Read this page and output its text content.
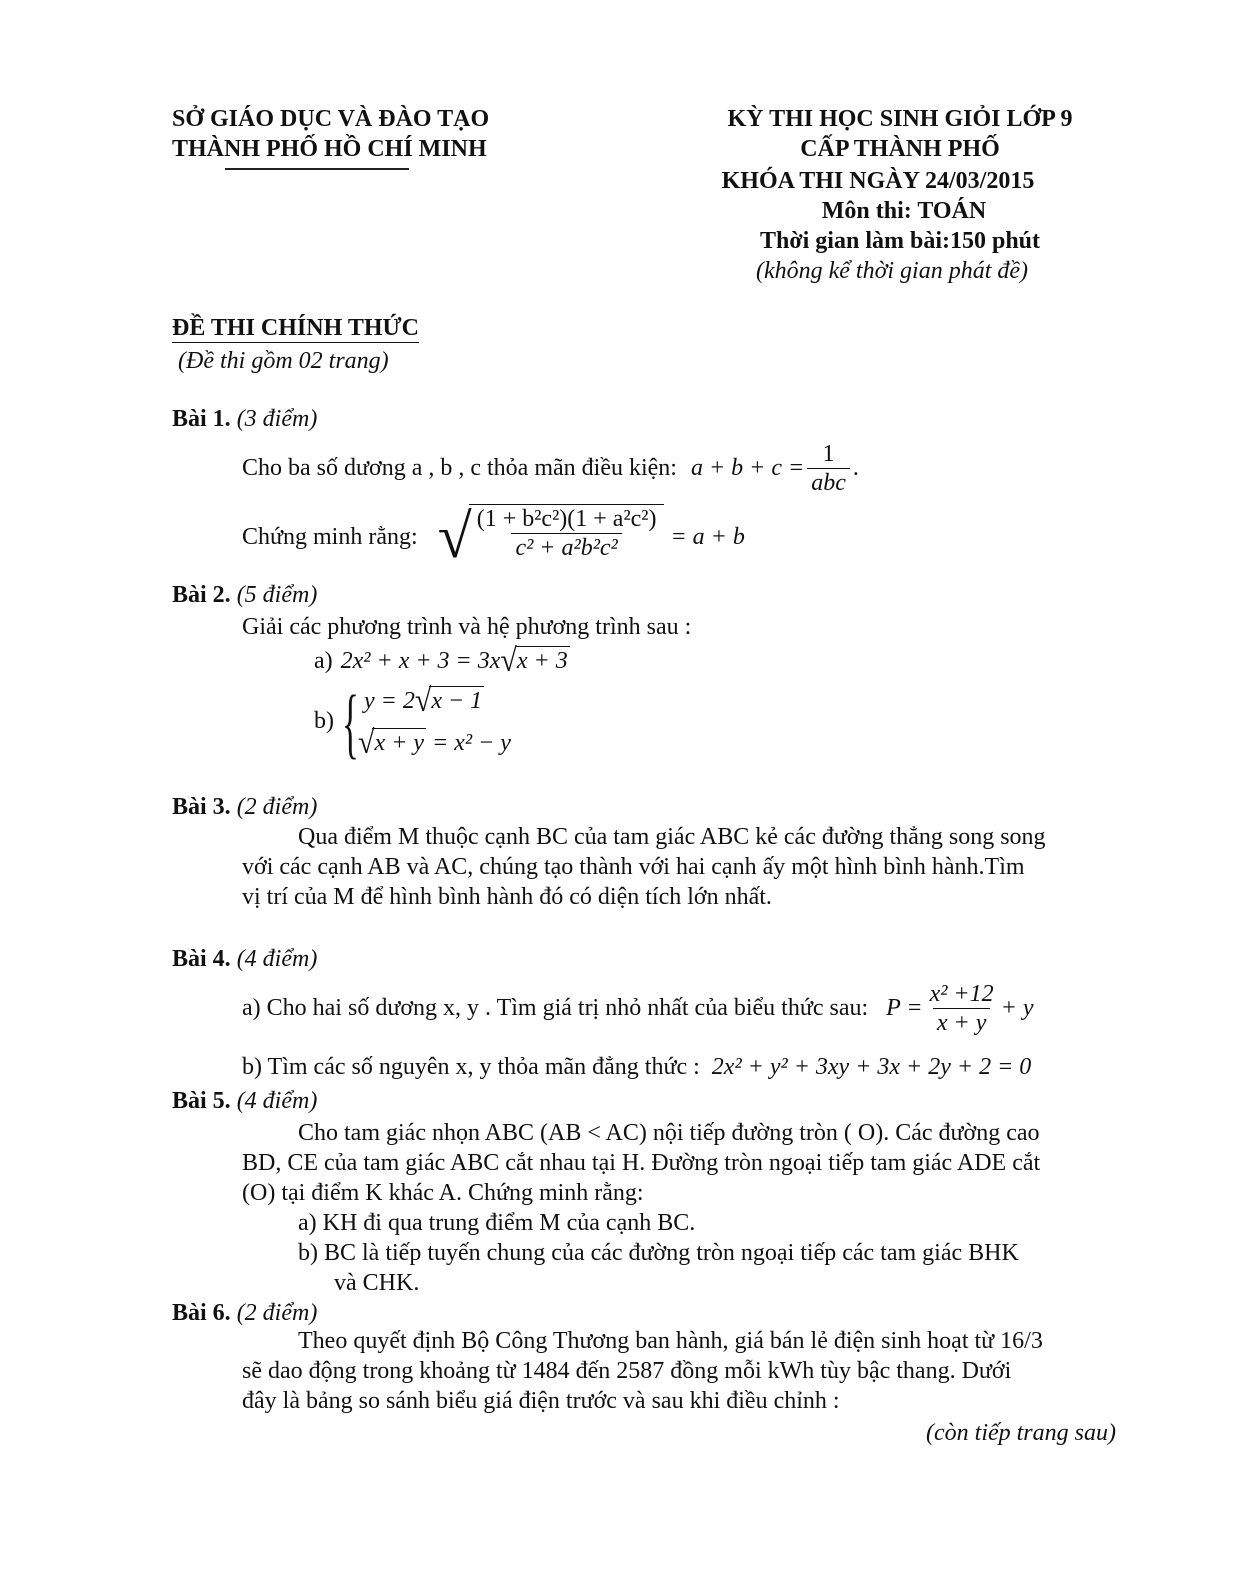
SỞ GIÁO DỤC VÀ ĐÀO TẠO
THÀNH PHỐ HỒ CHÍ MINH
KỲ THI HỌC SINH GIỎI LỚP 9
CẤP THÀNH PHỐ
KHÓA THI NGÀY 24/03/2015
Môn thi: TOÁN
Thời gian làm bài:150 phút
(không kể thời gian phát đề)
ĐỀ THI CHÍNH THỨC
(Đề thi gồm 02 trang)
Bài 1. (3 điểm)
Cho ba số dương a , b , c thỏa mãn điều kiện: $a + b + c = \frac{1}{\text{abc}}$ .
Chứng minh rằng: √ $\frac{\text{(1 + b²c²)(1 + a²c²)}}{\text{c² + a²b²c²}} = a + b$
Bài 2. (5 điểm)
Giải các phương trình và hệ phương trình sau :
a) 2x² + x + 3 = 3x √ x + 3
b) { y = 2 √ x − 1
√ x + y = x² − y
Bài 3. (2 điểm)
Qua điểm M thuộc cạnh BC của tam giác ABC kẻ các đường thẳng song song
với các cạnh AB và AC, chúng tạo thành với hai cạnh ấy một hình bình hành.Tìm
vị trí của M để hình bình hành đó có diện tích lớn nhất.
Bài 4. (4 điểm)
a) Cho hai số dương x, y . Tìm giá trị nhỏ nhất của biểu thức sau: $P = \frac{\text{x² +12}}{x + y} + y$
b) Tìm các số nguyên x, y thỏa mãn đẳng thức : 2x² + y² + 3xy + 3x + 2y + 2 = 0
Bài 5. (4 điểm)
Cho tam giác nhọn ABC (AB < AC) nội tiếp đường tròn ( O). Các đường cao
BD, CE của tam giác ABC cắt nhau tại H. Đường tròn ngoại tiếp tam giác ADE cắt
(O) tại điểm K khác A. Chứng minh rằng:
a) KH đi qua trung điểm M của cạnh BC.
b) BC là tiếp tuyến chung của các đường tròn ngoại tiếp các tam giác BHK
và CHK.
Bài 6. (2 điểm)
Theo quyết định Bộ Công Thương ban hành, giá bán lẻ điện sinh hoạt từ 16/3
sẽ dao động trong khoảng từ 1484 đến 2587 đồng mỗi kWh tùy bậc thang. Dưới
đây là bảng so sánh biểu giá điện trước và sau khi điều chỉnh :
(còn tiếp trang sau)
